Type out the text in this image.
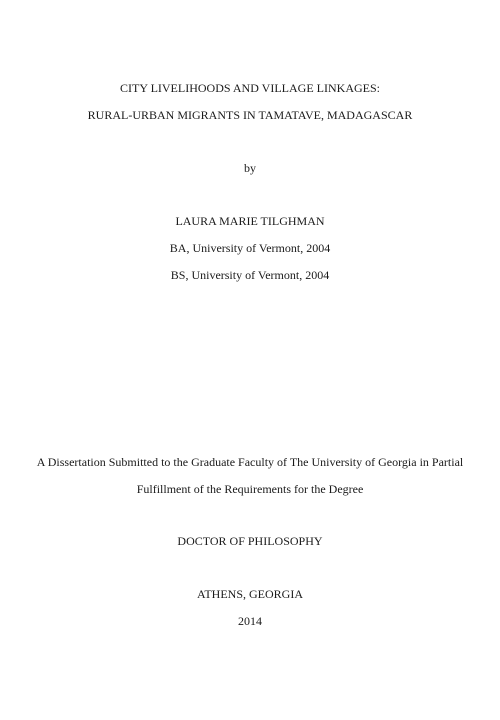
CITY LIVELIHOODS AND VILLAGE LINKAGES:
RURAL-URBAN MIGRANTS IN TAMATAVE, MADAGASCAR
by
LAURA MARIE TILGHMAN
BA, University of Vermont, 2004
BS, University of Vermont, 2004
A Dissertation Submitted to the Graduate Faculty of The University of Georgia in Partial
Fulfillment of the Requirements for the Degree
DOCTOR OF PHILOSOPHY
ATHENS, GEORGIA
2014
